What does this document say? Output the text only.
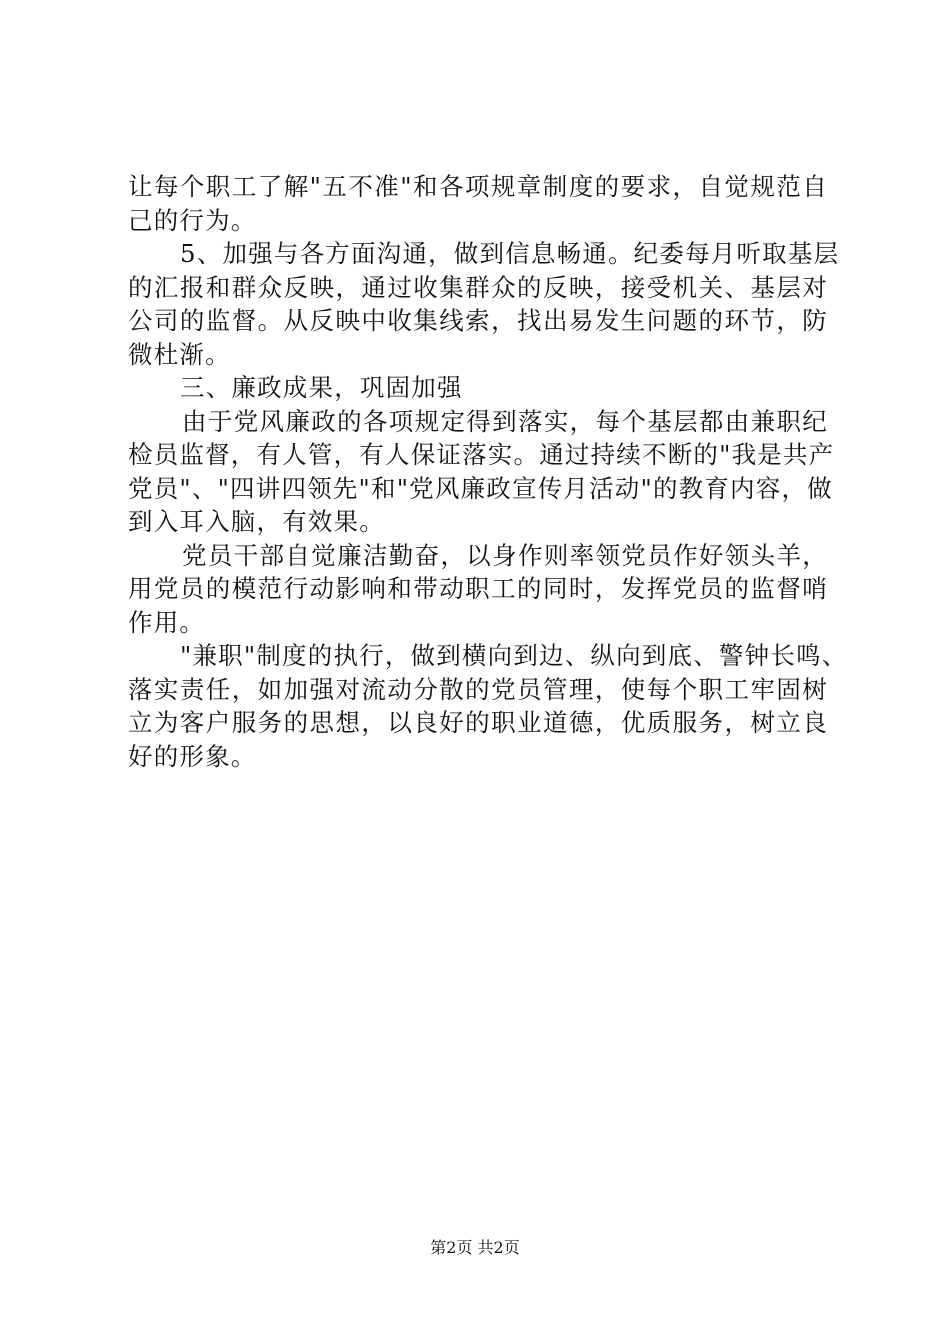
让每个职工了解"五不准"和各项规章制度的要求，自觉规范自
己的行为。
5、加强与各方面沟通，做到信息畅通。纪委每月听取基层
的汇报和群众反映，通过收集群众的反映，接受机关、基层对
公司的监督。从反映中收集线索，找出易发生问题的环节，防
微杜渐。
三、廉政成果，巩固加强
由于党风廉政的各项规定得到落实，每个基层都由兼职纪
检员监督，有人管，有人保证落实。通过持续不断的"我是共产
党员"、"四讲四领先"和"党风廉政宣传月活动"的教育内容，做
到入耳入脑，有效果。
党员干部自觉廉洁勤奋，以身作则率领党员作好领头羊，
用党员的模范行动影响和带动职工的同时，发挥党员的监督哨
作用。
"兼职"制度的执行，做到横向到边、纵向到底、警钟长鸣、
落实责任，如加强对流动分散的党员管理，使每个职工牢固树
立为客户服务的思想，以良好的职业道德，优质服务，树立良
好的形象。
第2页 共2页
